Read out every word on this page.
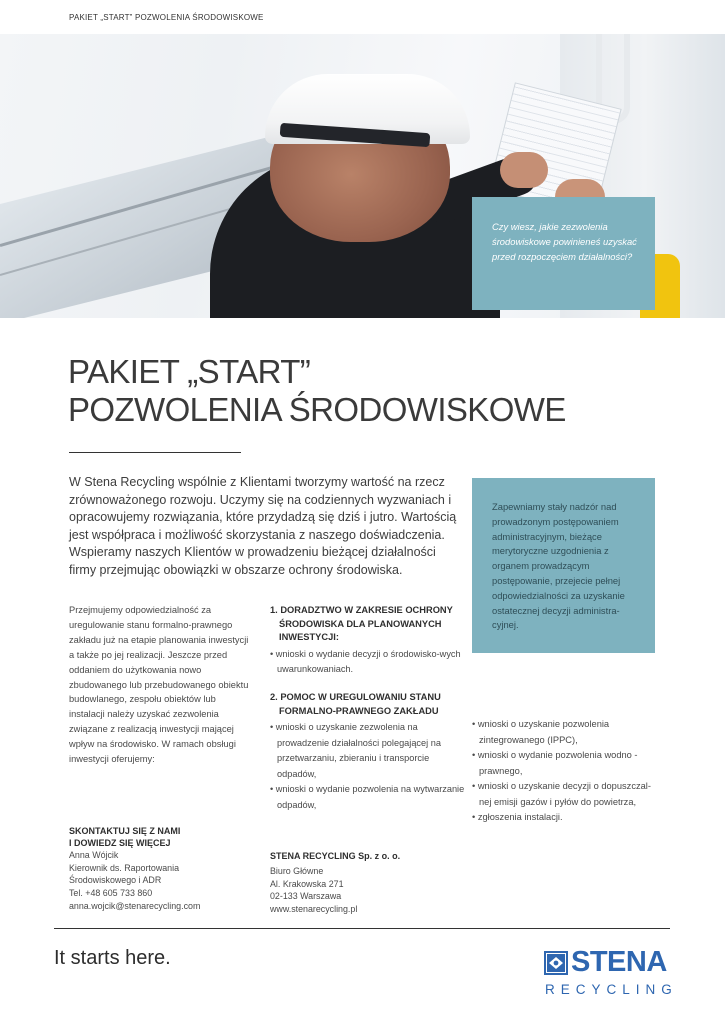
PAKIET „START” POZWOLENIA ŚRODOWISKOWE

Czy wiesz, jakie zezwolenia środowiskowe powinieneś uzyskać przed rozpoczęciem działalności?

PAKIET „START”
POZWOLENIA ŚRODOWISKOWE

W Stena Recycling wspólnie z Klientami tworzymy wartość na rzecz zrównoważonego rozwoju. Uczymy się na codziennych wyzwaniach i opracowujemy rozwiązania, które przydadzą się dziś i jutro. Wartością jest współpraca i możliwość skorzystania z naszego doświadczenia. Wspieramy naszych Klientów w prowadzeniu bieżącej działalności firmy przejmując obowiązki w obszarze ochrony środowiska.

Zapewniamy stały nadzór nad prowadzonym postępowaniem administracyjnym, bieżące merytoryczne uzgodnienia z organem prowadzącym postępowanie, przejecie pełnej odpowiedzialności za uzyskanie ostatecznej decyzji administra-cyjnej.

Przejmujemy odpowiedzialność za uregulowanie stanu formalno-prawnego zakładu już na etapie planowania inwestycji a także po jej realizacji. Jeszcze przed oddaniem do użytkowania nowo zbudowanego lub przebudowanego obiektu budowlanego, zespołu obiektów lub instalacji należy uzyskać zezwolenia związane z realizacją inwestycji mającej wpływ na środowisko. W ramach obsługi inwestycji oferujemy:

1. DORADZTWO W ZAKRESIE OCHRONY
ŚRODOWISKA DLA PLANOWANYCH
INWESTYCJI:
• wnioski o wydanie decyzji o środowisko-wych uwarunkowaniach.
2. POMOC W UREGULOWANIU STANU
FORMALNO-PRAWNEGO ZAKŁADU
• wnioski o uzyskanie zezwolenia na prowadzenie działalności polegającej na przetwarzaniu, zbieraniu i transporcie odpadów,
• wnioski o wydanie pozwolenia na wytwarzanie odpadów,
• wnioski o uzyskanie pozwolenia zintegrowanego (IPPC),
• wnioski o wydanie pozwolenia wodno -prawnego,
• wnioski o uzyskanie decyzji o dopuszczal-nej emisji gazów i pyłów do powietrza,
• zgłoszenia instalacji.
SKONTAKTUJ SIĘ Z NAMI
I DOWIEDZ SIĘ WIĘCEJ
Anna Wójcik
Kierownik ds. Raportowania
Środowiskowego i ADR
Tel. +48 605 733 860
anna.wojcik@stenarecycling.com
STENA RECYCLING Sp. z o. o.
Biuro Główne
Al. Krakowska 271
02-133 Warszawa
www.stenarecycling.pl
It starts here.	STENA
RECYCLING
